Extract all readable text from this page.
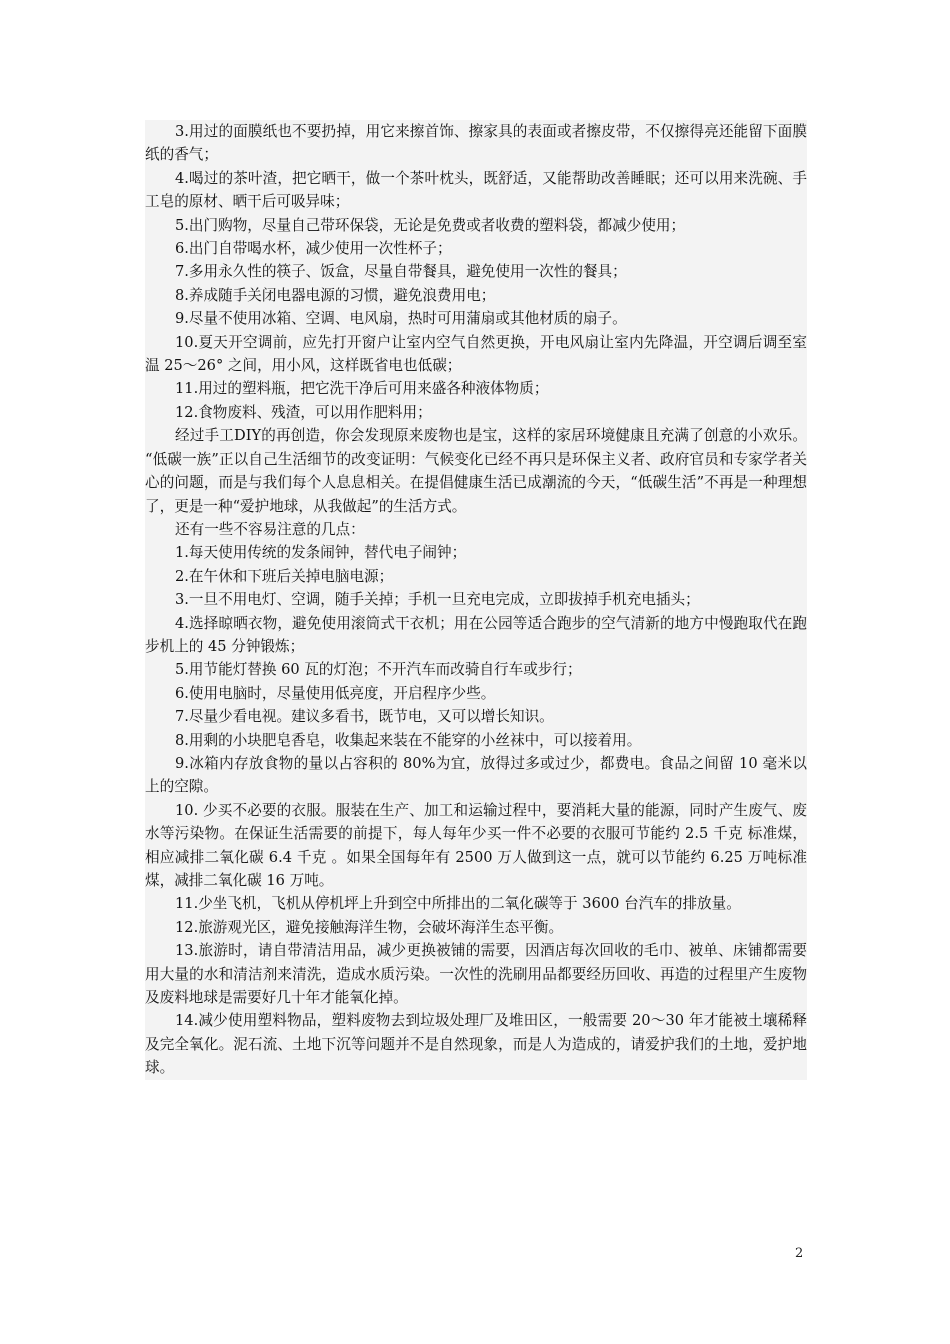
3.用过的面膜纸也不要扔掉，用它来擦首饰、擦家具的表面或者擦皮带，不仅擦得亮还能留下面膜纸的香气；

4.喝过的茶叶渣，把它晒干，做一个茶叶枕头，既舒适，又能帮助改善睡眠；还可以用来洗碗、手工皂的原材、晒干后可吸异味；

5.出门购物，尽量自己带环保袋，无论是免费或者收费的塑料袋，都减少使用；

6.出门自带喝水杯，减少使用一次性杯子；

7.多用永久性的筷子、饭盒，尽量自带餐具，避免使用一次性的餐具；

8.养成随手关闭电器电源的习惯，避免浪费用电；

9.尽量不使用冰箱、空调、电风扇，热时可用蒲扇或其他材质的扇子。

10.夏天开空调前，应先打开窗户让室内空气自然更换，开电风扇让室内先降温，开空调后调至室温 25～26° 之间，用小风，这样既省电也低碳；

11.用过的塑料瓶，把它洗干净后可用来盛各种液体物质；

12.食物废料、残渣，可以用作肥料用；

经过手工DIY的再创造，你会发现原来废物也是宝，这样的家居环境健康且充满了创意的小欢乐。 “低碳一族”正以自己生活细节的改变证明：气候变化已经不再只是环保主义者、政府官员和专家学者关心的问题，而是与我们每个人息息相关。在提倡健康生活已成潮流的今天，“低碳生活”不再是一种理想了，更是一种“爱护地球，从我做起”的生活方式。

还有一些不容易注意的几点：

1.每天使用传统的发条闹钟，替代电子闹钟；

2.在午休和下班后关掉电脑电源；

3.一旦不用电灯、空调，随手关掉；手机一旦充电完成，立即拔掉手机充电插头；

4.选择晾晒衣物，避免使用滚筒式干衣机；用在公园等适合跑步的空气清新的地方中慢跑取代在跑步机上的 45 分钟锻炼；

5.用节能灯替换 60 瓦的灯泡；不开汽车而改骑自行车或步行；

6.使用电脑时，尽量使用低亮度，开启程序少些。

7.尽量少看电视。建议多看书，既节电，又可以增长知识。

8.用剩的小块肥皂香皂，收集起来装在不能穿的小丝袜中，可以接着用。

9.冰箱内存放食物的量以占容积的 80%为宜，放得过多或过少，都费电。食品之间留 10 毫米以上的空隙。

10. 少买不必要的衣服。服装在生产、加工和运输过程中，要消耗大量的能源，同时产生废气、废水等污染物。在保证生活需要的前提下，每人每年少买一件不必要的衣服可节能约 2.5 千克 标准煤，相应减排二氧化碳 6.4 千克 。如果全国每年有 2500 万人做到这一点，就可以节能约 6.25 万吨标准煤，减排二氧化碳 16 万吨。

11.少坐飞机，飞机从停机坪上升到空中所排出的二氧化碳等于 3600 台汽车的排放量。

12.旅游观光区，避免接触海洋生物，会破坏海洋生态平衡。

13.旅游时，请自带清洁用品，减少更换被铺的需要，因酒店每次回收的毛巾、被单、床铺都需要用大量的水和清洁剂来清洗，造成水质污染。一次性的洗刷用品都要经历回收、再造的过程里产生废物及废料地球是需要好几十年才能氧化掉。

14.减少使用塑料物品，塑料废物去到垃圾处理厂及堆田区，一般需要 20～30 年才能被土壤稀释及完全氧化。泥石流、土地下沉等问题并不是自然现象，而是人为造成的，请爱护我们的土地，爱护地球。

2
